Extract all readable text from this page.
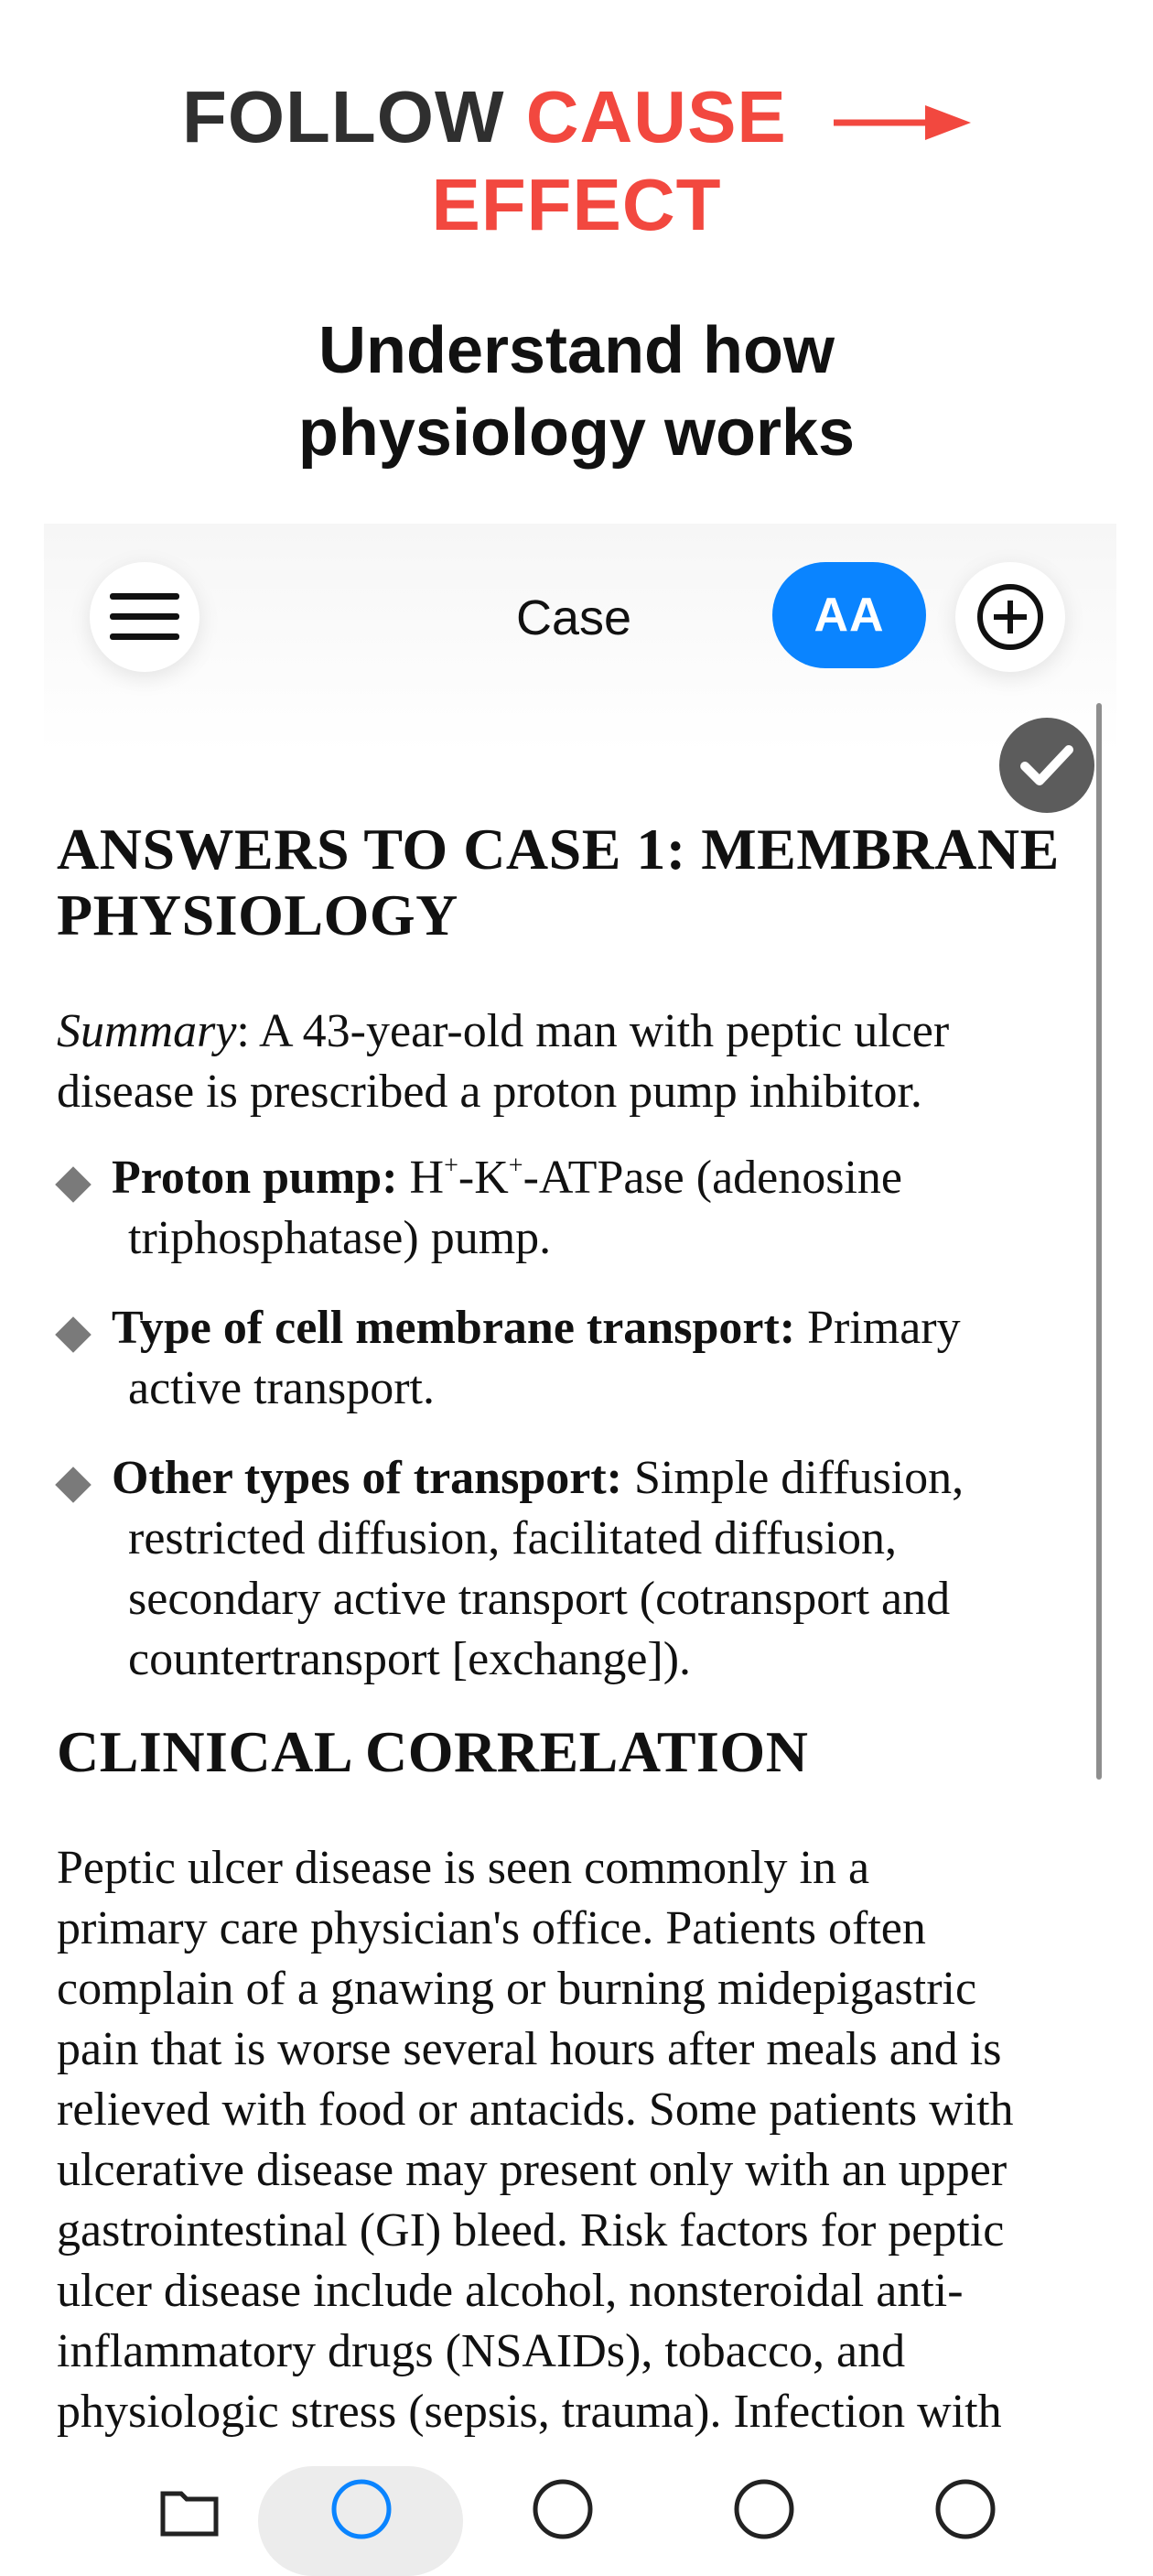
FOLLOW CAUSE
EFFECT
Understand how
physiology works
Case	AA
ANSWERS TO CASE 1: MEMBRANE
PHYSIOLOGY

Summary: A 43-year-old man with peptic ulcer
disease is prescribed a proton pump inhibitor.

Proton pump: H+-K+-ATPase (adenosine
triphosphatase) pump.
Type of cell membrane transport: Primary
active transport.
Other types of transport: Simple diffusion,
restricted diffusion, facilitated diffusion,
secondary active transport (cotransport and
countertransport [exchange]).
CLINICAL CORRELATION

Peptic ulcer disease is seen commonly in a
primary care physician's office. Patients often
complain of a gnawing or burning midepigastric
pain that is worse several hours after meals and is
relieved with food or antacids. Some patients with
ulcerative disease may present only with an upper
gastrointestinal (GI) bleed. Risk factors for peptic
ulcer disease include alcohol, nonsteroidal anti-
inflammatory drugs (NSAIDs), tobacco, and
physiologic stress (sepsis, trauma). Infection with
